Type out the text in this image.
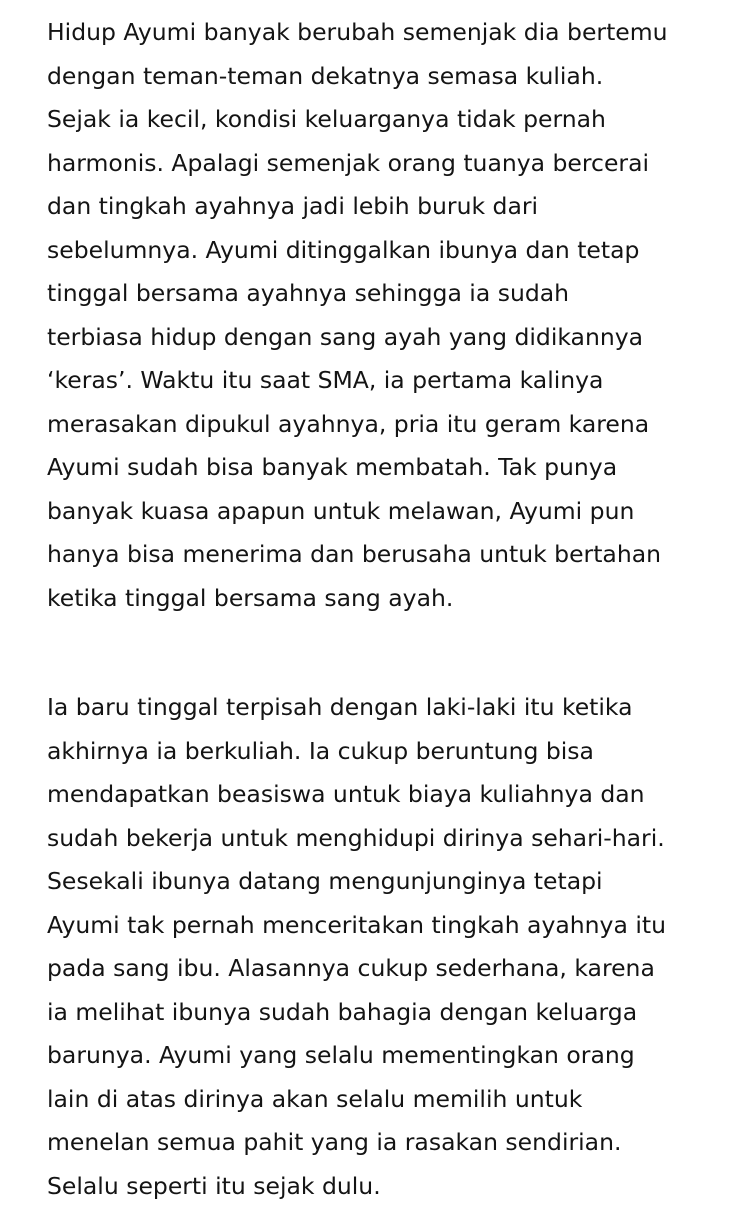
Hidup Ayumi banyak berubah semenjak dia bertemu
dengan teman-teman dekatnya semasa kuliah.
Sejak ia kecil, kondisi keluarganya tidak pernah
harmonis. Apalagi semenjak orang tuanya bercerai
dan tingkah ayahnya jadi lebih buruk dari
sebelumnya. Ayumi ditinggalkan ibunya dan tetap
tinggal bersama ayahnya sehingga ia sudah
terbiasa hidup dengan sang ayah yang didikannya
‘keras’. Waktu itu saat SMA, ia pertama kalinya
merasakan dipukul ayahnya, pria itu geram karena
Ayumi sudah bisa banyak membatah. Tak punya
banyak kuasa apapun untuk melawan, Ayumi pun
hanya bisa menerima dan berusaha untuk bertahan
ketika tinggal bersama sang ayah.

Ia baru tinggal terpisah dengan laki-laki itu ketika
akhirnya ia berkuliah. Ia cukup beruntung bisa
mendapatkan beasiswa untuk biaya kuliahnya dan
sudah bekerja untuk menghidupi dirinya sehari-hari.
Sesekali ibunya datang mengunjunginya tetapi
Ayumi tak pernah menceritakan tingkah ayahnya itu
pada sang ibu. Alasannya cukup sederhana, karena
ia melihat ibunya sudah bahagia dengan keluarga
barunya. Ayumi yang selalu mementingkan orang
lain di atas dirinya akan selalu memilih untuk
menelan semua pahit yang ia rasakan sendirian.
Selalu seperti itu sejak dulu.
